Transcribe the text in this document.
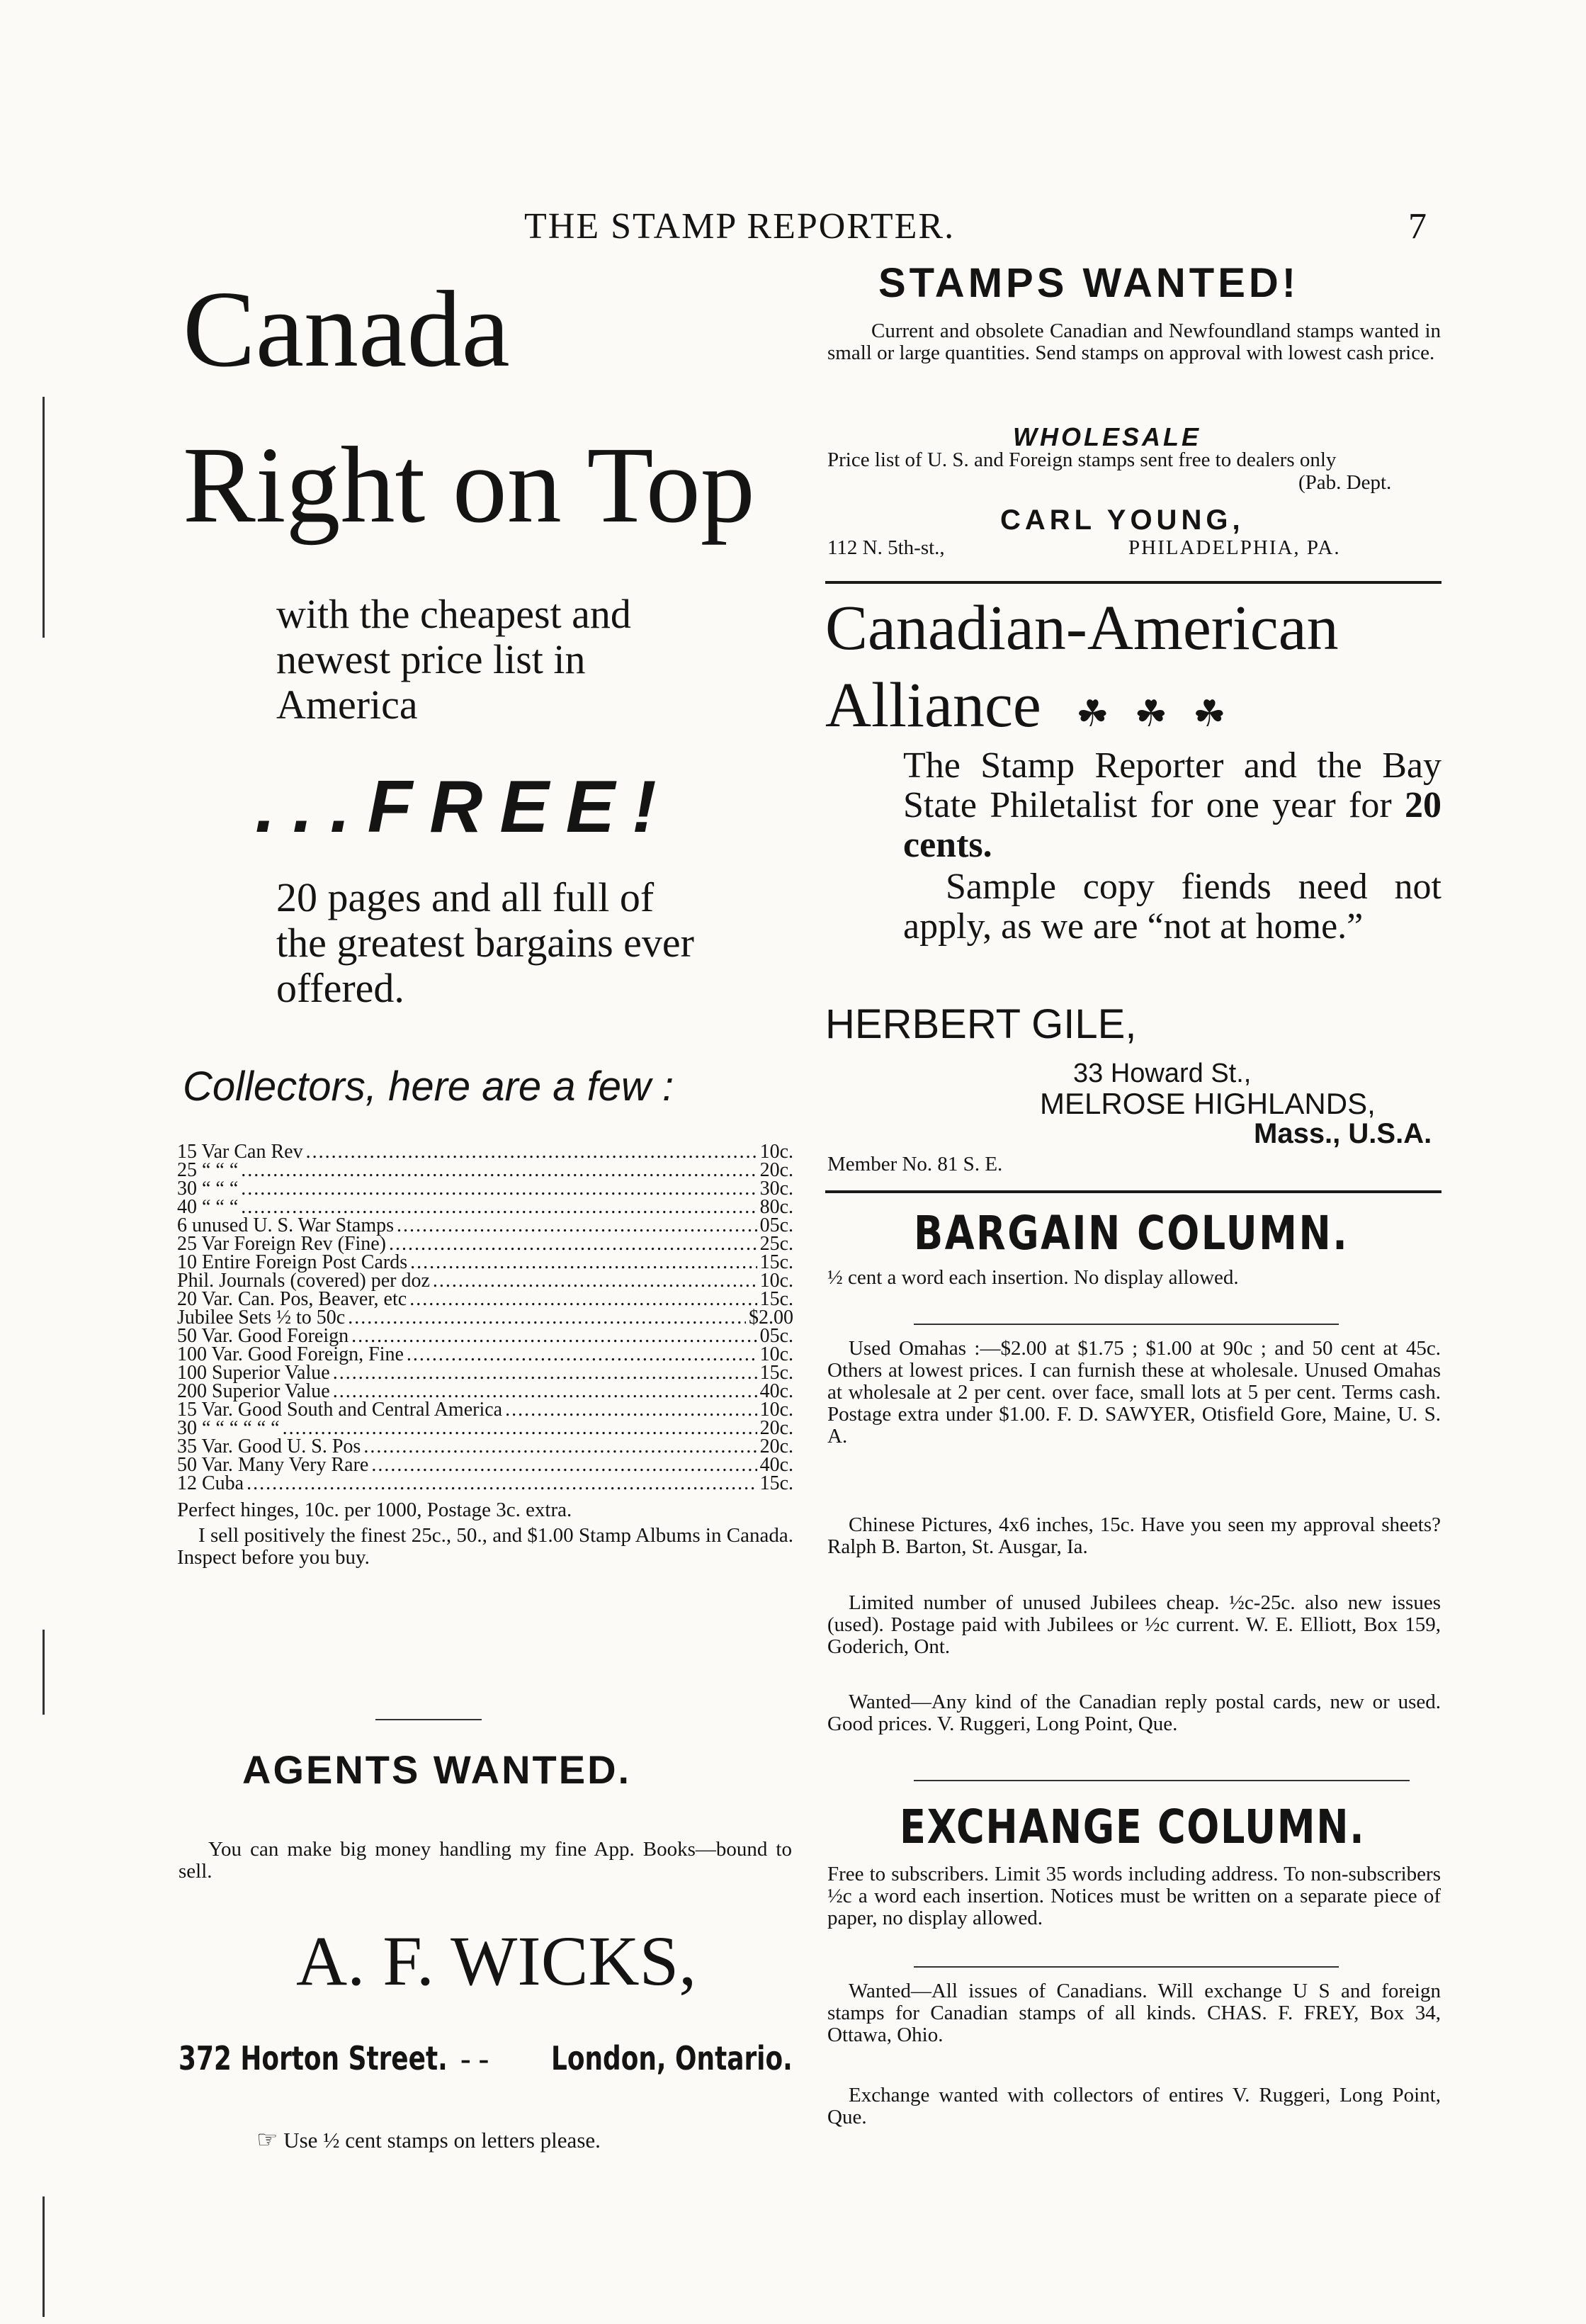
THE STAMP REPORTER.	7
Canada
Right on Top
with the cheapest and newest price list in America
...FREE!
20 pages and all full of the greatest bargains ever offered.
Collectors, here are a few :
15 Var Can Rev .....	10c.
25 “ “ “ .....	20c.
30 “ “ “ .....	30c.
40 “ “ “ .....	80c.
6 unused U. S. War Stamps .....	05c.
25 Var Foreign Rev (Fine) .....	25c.
10 Entire Foreign Post Cards .....	15c.
Phil. Journals (covered) per doz .....	10c.
20 Var. Can. Pos, Beaver, etc .....	15c.
Jubilee Sets ½ to 50c .....	$2.00
50 Var. Good Foreign .....	05c.
100 Var. Good Foreign, Fine .....	10c.
100 Superior Value .....	15c.
200 Superior Value .....	40c.
15 Var. Good South and Central America .....	10c.
30 “ “ “ “ “ “ .....	20c.
35 Var. Good U. S. Pos .....	20c.
50 Var. Many Very Rare .....	40c.
12 Cuba .....	15c.
Perfect hinges, 10c. per 1000, Postage 3c. extra.
I sell positively the finest 25c., 50., and $1.00 Stamp Albums in Canada. Inspect before you buy.
AGENTS WANTED.
You can make big money handling my fine App. Books—bound to sell.
A. F. WICKS,
372 Horton Street. - - London, Ontario.
☞ Use ½ cent stamps on letters please.
STAMPS WANTED!
Current and obsolete Canadian and Newfoundland stamps wanted in small or large quantities. Send stamps on approval with lowest cash price.
WHOLESALE
Price list of U. S. and Foreign stamps sent free to dealers only
(Pab. Dept.
CARL YOUNG,
112 N. 5th-st.,	PHILADELPHIA, PA.
Canadian-American
Alliance ☘ ☘ ☘
The Stamp Reporter and the Bay State Philetalist for one year for 20 cents.
Sample copy fiends need not apply, as we are “not at home.”
HERBERT GILE,
33 Howard St.,
MELROSE HIGHLANDS,
Mass., U.S.A.
Member No. 81 S. E.
BARGAIN COLUMN.
½ cent a word each insertion. No display allowed.
Used Omahas :—$2.00 at $1.75 ; $1.00 at 90c ; and 50 cent at 45c. Others at lowest prices. I can furnish these at wholesale. Unused Omahas at wholesale at 2 per cent. over face, small lots at 5 per cent. Terms cash. Postage extra under $1.00. F. D. SAWYER, Otisfield Gore, Maine, U. S. A.
Chinese Pictures, 4x6 inches, 15c. Have you seen my approval sheets? Ralph B. Barton, St. Ausgar, Ia.
Limited number of unused Jubilees cheap. ½c-25c. also new issues (used). Postage paid with Jubilees or ½c current. W. E. Elliott, Box 159, Goderich, Ont.
Wanted—Any kind of the Canadian reply postal cards, new or used. Good prices. V. Ruggeri, Long Point, Que.
EXCHANGE COLUMN.
Free to subscribers. Limit 35 words including address. To non-subscribers ½c a word each insertion. Notices must be written on a separate piece of paper, no display allowed.
Wanted—All issues of Canadians. Will exchange U S and foreign stamps for Canadian stamps of all kinds. CHAS. F. FREY, Box 34, Ottawa, Ohio.
Exchange wanted with collectors of entires V. Ruggeri, Long Point, Que.
